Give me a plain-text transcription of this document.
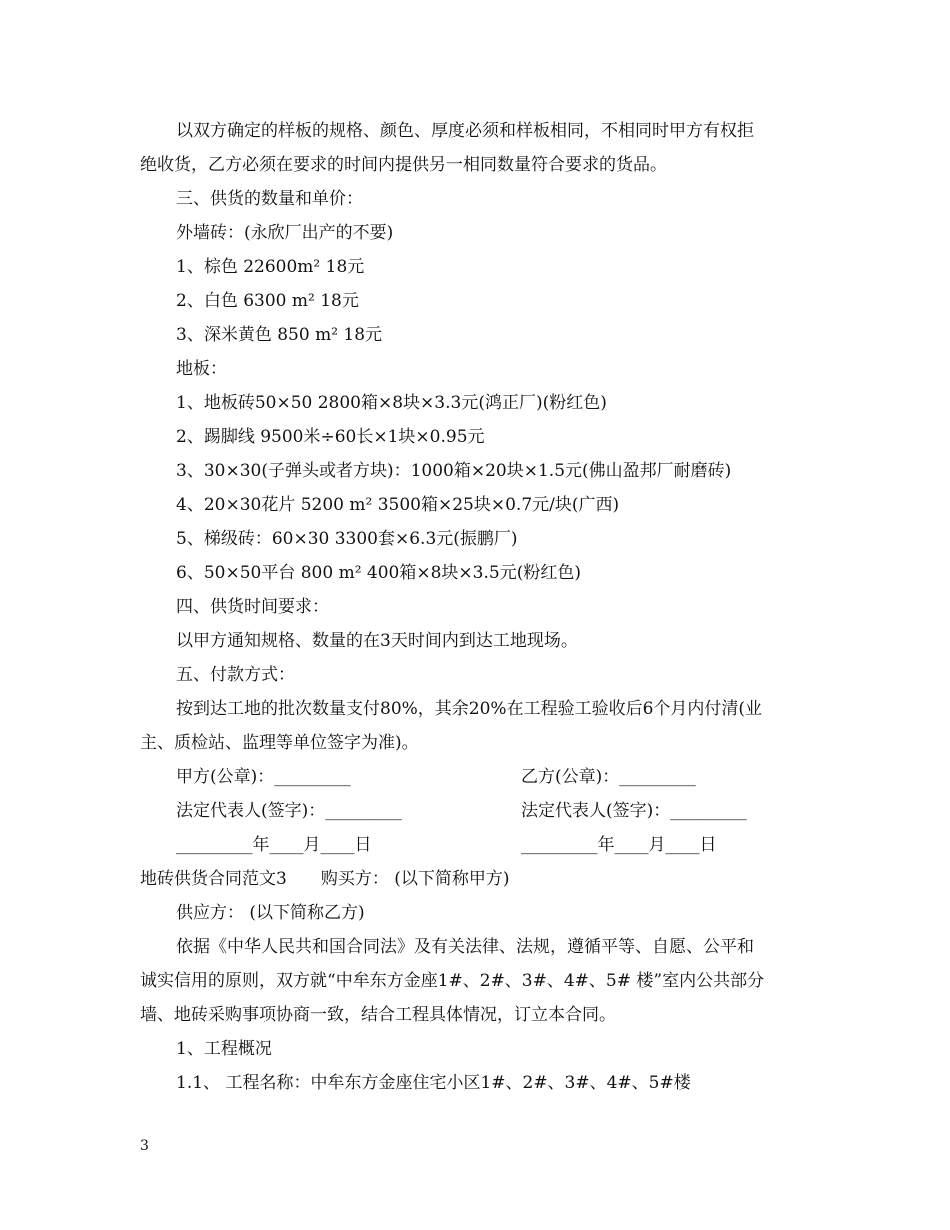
以双方确定的样板的规格、颜色、厚度必须和样板相同，不相同时甲方有权拒
绝收货，乙方必须在要求的时间内提供另一相同数量符合要求的货品。
三、供货的数量和单价：
外墙砖：(永欣厂出产的不要)
1、棕色 22600m² 18元
2、白色 6300 m² 18元
3、深米黄色 850 m² 18元
地板：
1、地板砖50×50 2800箱×8块×3.3元(鸿正厂)(粉红色)
2、踢脚线 9500米÷60长×1块×0.95元
3、30×30(子弹头或者方块)：1000箱×20块×1.5元(佛山盈邦厂耐磨砖)
4、20×30花片 5200 m² 3500箱×25块×0.7元/块(广西)
5、梯级砖：60×30 3300套×6.3元(振鹏厂)
6、50×50平台 800 m² 400箱×8块×3.5元(粉红色)
四、供货时间要求：
以甲方通知规格、数量的在3天时间内到达工地现场。
五、付款方式：
按到达工地的批次数量支付80%，其余20%在工程验工验收后6个月内付清(业
主、质检站、监理等单位签字为准)。
甲方(公章)：_________	乙方(公章)：_________
法定代表人(签字)：_________	法定代表人(签字)：_________
_________年____月____日	_________年____月____日
地砖供货合同范文3 购买方： (以下简称甲方)
供应方： (以下简称乙方)
依据《中华人民共和国合同法》及有关法律、法规，遵循平等、自愿、公平和
诚实信用的原则，双方就“中牟东方金座1#、2#、3#、4#、5# 楼”室内公共部分
墙、地砖采购事项协商一致，结合工程具体情况，订立本合同。
1、工程概况
1.1、 工程名称：中牟东方金座住宅小区1#、2#、3#、4#、5#楼
3
